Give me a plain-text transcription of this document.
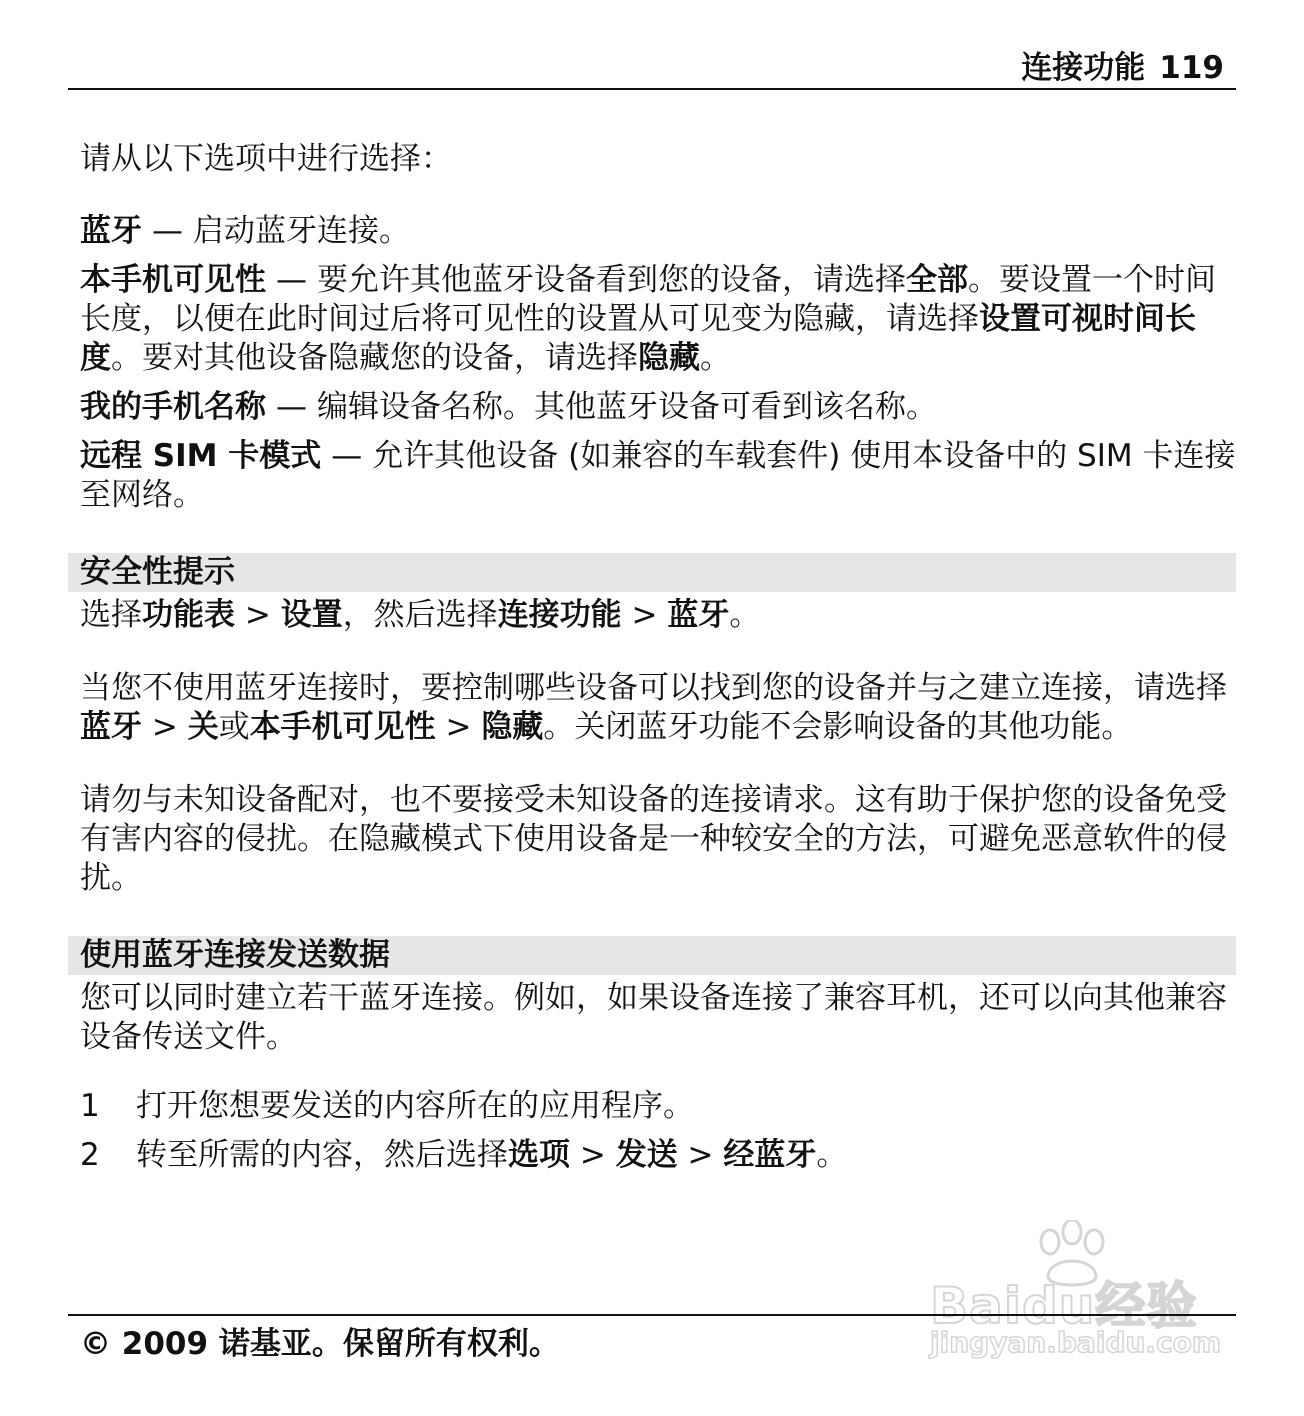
连接功能 119

请从以下选项中进行选择：

蓝牙 — 启动蓝牙连接。

本手机可见性 — 要允许其他蓝牙设备看到您的设备，请选择全部。要设置一个时间长度，以便在此时间过后将可见性的设置从可见变为隐藏，请选择设置可视时间长度。要对其他设备隐藏您的设备，请选择隐藏。

我的手机名称 — 编辑设备名称。其他蓝牙设备可看到该名称。

远程 SIM 卡模式 — 允许其他设备 (如兼容的车载套件) 使用本设备中的 SIM 卡连接至网络。

安全性提示

选择功能表 > 设置，然后选择连接功能 > 蓝牙。

当您不使用蓝牙连接时，要控制哪些设备可以找到您的设备并与之建立连接，请选择蓝牙 > 关或本手机可见性 > 隐藏。关闭蓝牙功能不会影响设备的其他功能。

请勿与未知设备配对，也不要接受未知设备的连接请求。这有助于保护您的设备免受有害内容的侵扰。在隐藏模式下使用设备是一种较安全的方法，可避免恶意软件的侵扰。

使用蓝牙连接发送数据

您可以同时建立若干蓝牙连接。例如，如果设备连接了兼容耳机，还可以向其他兼容设备传送文件。

1	打开您想要发送的内容所在的应用程序。
2	转至所需的内容，然后选择选项 > 发送 > 经蓝牙。
Baidu经验
jingyan.baidu.com
© 2009 诺基亚。保留所有权利。
